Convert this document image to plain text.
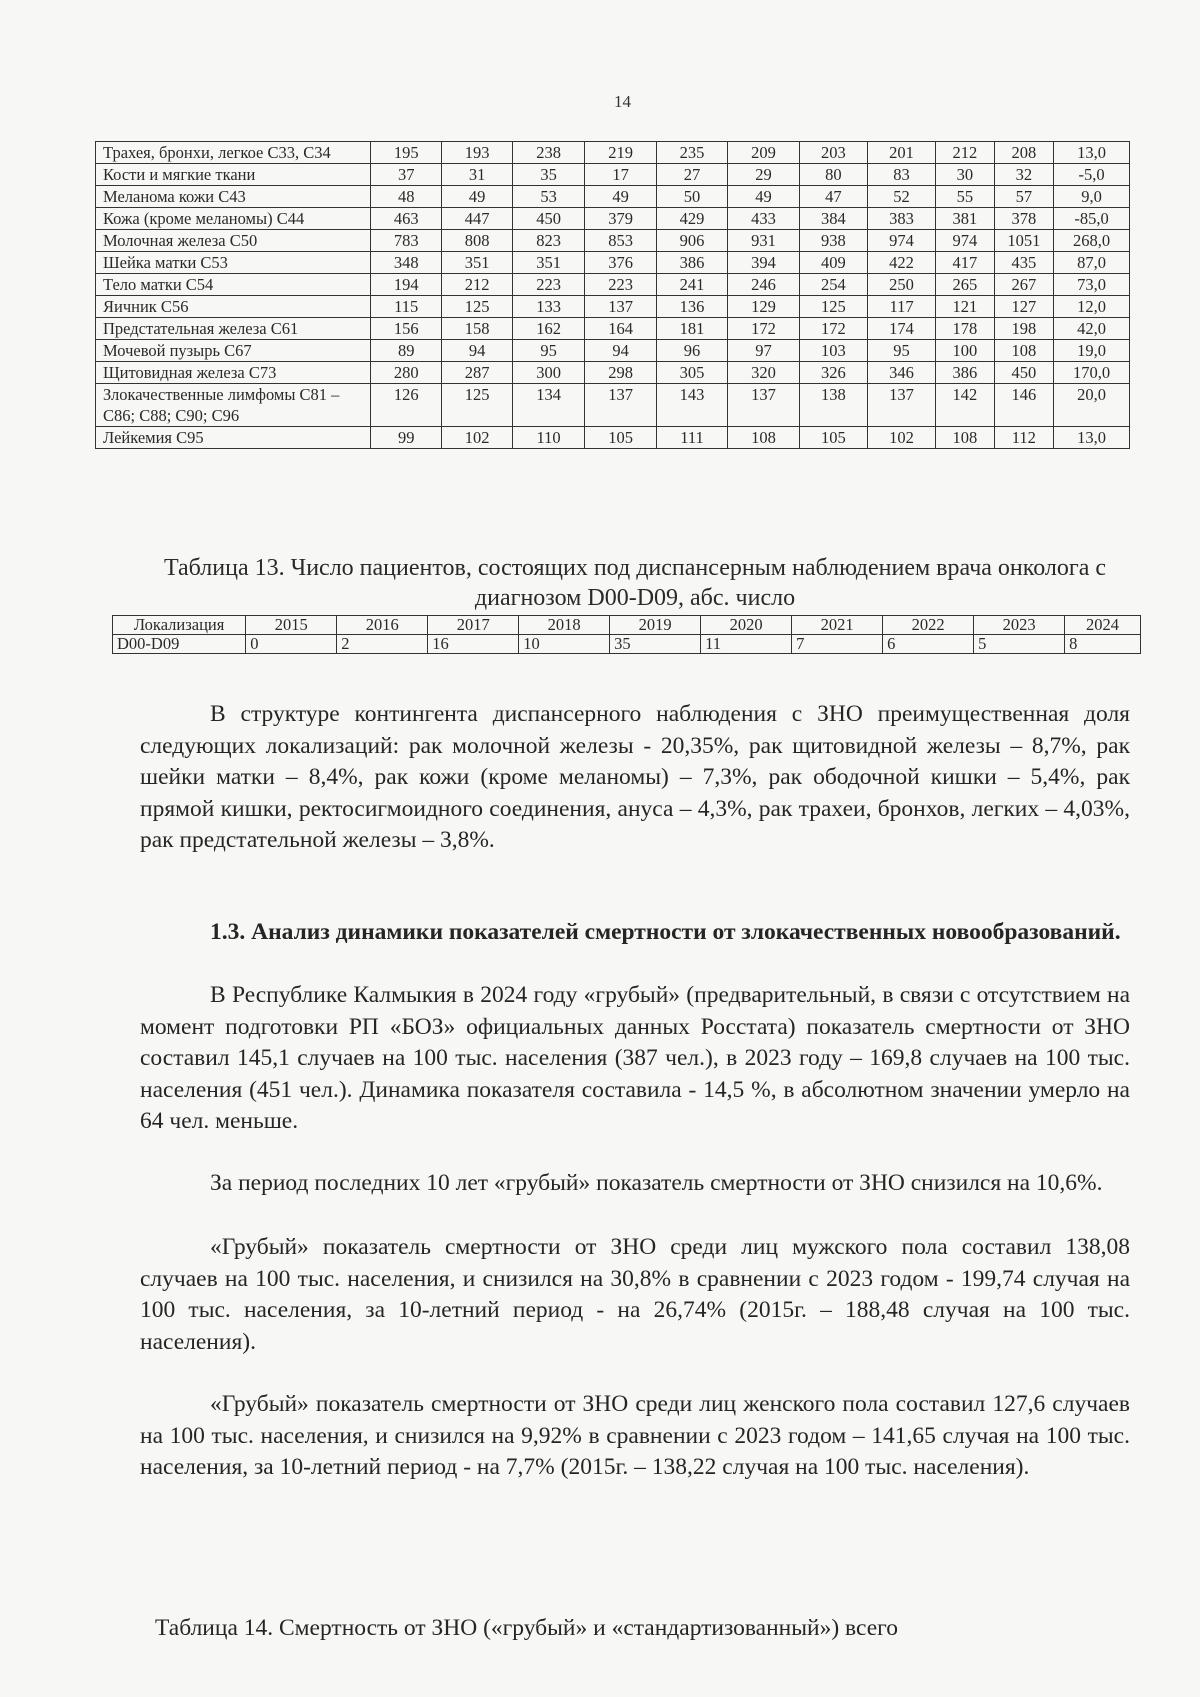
14
Трахея, бронхи, легкое С33, С34	195	193	238	219	235	209	203	201	212	208	13,0
Кости и мягкие ткани	37	31	35	17	27	29	80	83	30	32	-5,0
Меланома кожи С43	48	49	53	49	50	49	47	52	55	57	9,0
Кожа (кроме меланомы) С44	463	447	450	379	429	433	384	383	381	378	-85,0
Молочная железа С50	783	808	823	853	906	931	938	974	974	1051	268,0
Шейка матки С53	348	351	351	376	386	394	409	422	417	435	87,0
Тело матки С54	194	212	223	223	241	246	254	250	265	267	73,0
Яичник С56	115	125	133	137	136	129	125	117	121	127	12,0
Предстательная железа С61	156	158	162	164	181	172	172	174	178	198	42,0
Мочевой пузырь С67	89	94	95	94	96	97	103	95	100	108	19,0
Щитовидная железа С73	280	287	300	298	305	320	326	346	386	450	170,0
Злокачественные лимфомы С81 – С86; С88; С90; С96	126	125	134	137	143	137	138	137	142	146	20,0
Лейкемия С95	99	102	110	105	111	108	105	102	108	112	13,0
Таблица 13. Число пациентов, состоящих под диспансерным наблюдением врача онколога с диагнозом D00-D09, абс. число
Локализация	2015	2016	2017	2018	2019	2020	2021	2022	2023	2024
D00-D09	0	2	16	10	35	11	7	6	5	8
В структуре контингента диспансерного наблюдения с ЗНО преимущественная доля следующих локализаций: рак молочной железы - 20,35%, рак щитовидной железы – 8,7%, рак шейки матки – 8,4%, рак кожи (кроме меланомы) – 7,3%, рак ободочной кишки – 5,4%, рак прямой кишки, ректосигмоидного соединения, ануса – 4,3%, рак трахеи, бронхов, легких – 4,03%, рак предстательной железы – 3,8%.
1.3. Анализ динамики показателей смертности от злокачественных новообразований.
В Республике Калмыкия в 2024 году «грубый» (предварительный, в связи с отсутствием на момент подготовки РП «БОЗ» официальных данных Росстата) показатель смертности от ЗНО составил 145,1 случаев на 100 тыс. населения (387 чел.), в 2023 году – 169,8 случаев на 100 тыс. населения (451 чел.). Динамика показателя составила - 14,5 %, в абсолютном значении умерло на 64 чел. меньше.
За период последних 10 лет «грубый» показатель смертности от ЗНО снизился на 10,6%.
«Грубый» показатель смертности от ЗНО среди лиц мужского пола составил 138,08 случаев на 100 тыс. населения, и снизился на 30,8% в сравнении с 2023 годом - 199,74 случая на 100 тыс. населения, за 10-летний период - на 26,74% (2015г. – 188,48 случая на 100 тыс. населения).
«Грубый» показатель смертности от ЗНО среди лиц женского пола составил 127,6 случаев на 100 тыс. населения, и снизился на 9,92% в сравнении с 2023 годом – 141,65 случая на 100 тыс. населения, за 10-летний период - на 7,7% (2015г. – 138,22 случая на 100 тыс. населения).
Таблица 14. Смертность от ЗНО («грубый» и «стандартизованный») всего
